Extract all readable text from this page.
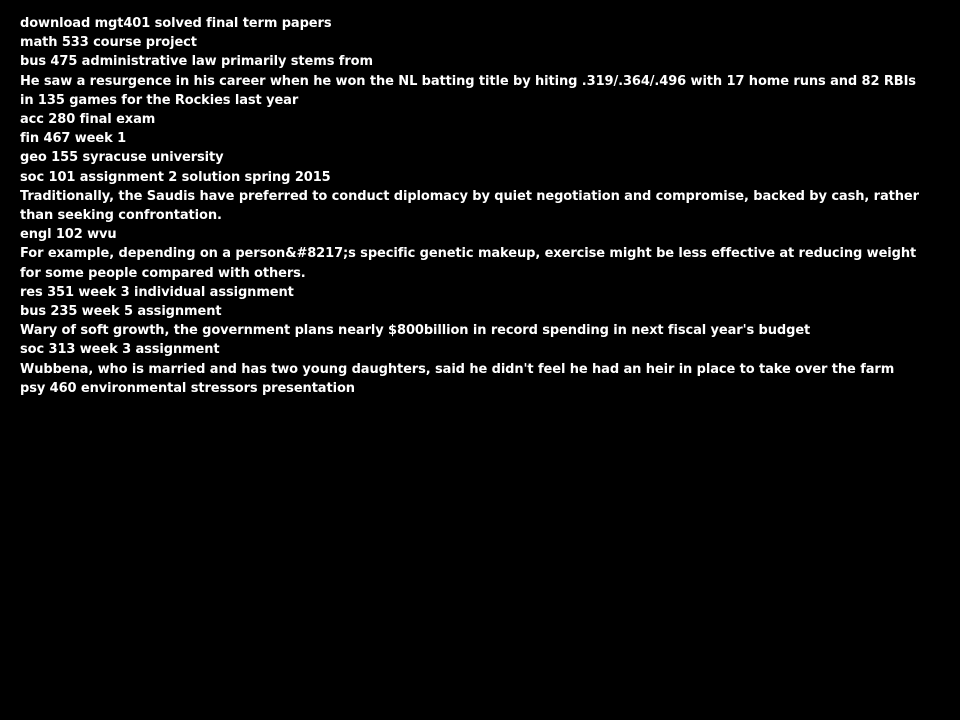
download mgt401 solved final term papers
math 533 course project
bus 475 administrative law primarily stems from
He saw a resurgence in his career when he won the NL batting title by hiting .319/.364/.496 with 17 home runs and 82 RBIs in 135 games for the Rockies last year
acc 280 final exam
fin 467 week 1
geo 155 syracuse university
soc 101 assignment 2 solution spring 2015
Traditionally, the Saudis have preferred to conduct diplomacy by quiet negotiation and compromise, backed by cash, rather than seeking confrontation.
engl 102 wvu
For example, depending on a person&#8217;s specific genetic makeup, exercise might be less effective at reducing weight for some people compared with others.
res 351 week 3 individual assignment
bus 235 week 5 assignment
Wary of soft growth, the government plans nearly $800billion in record spending in next fiscal year's budget
soc 313 week 3 assignment
Wubbena, who is married and has two young daughters, said he didn't feel he had an heir in place to take over the farm
psy 460 environmental stressors presentation
